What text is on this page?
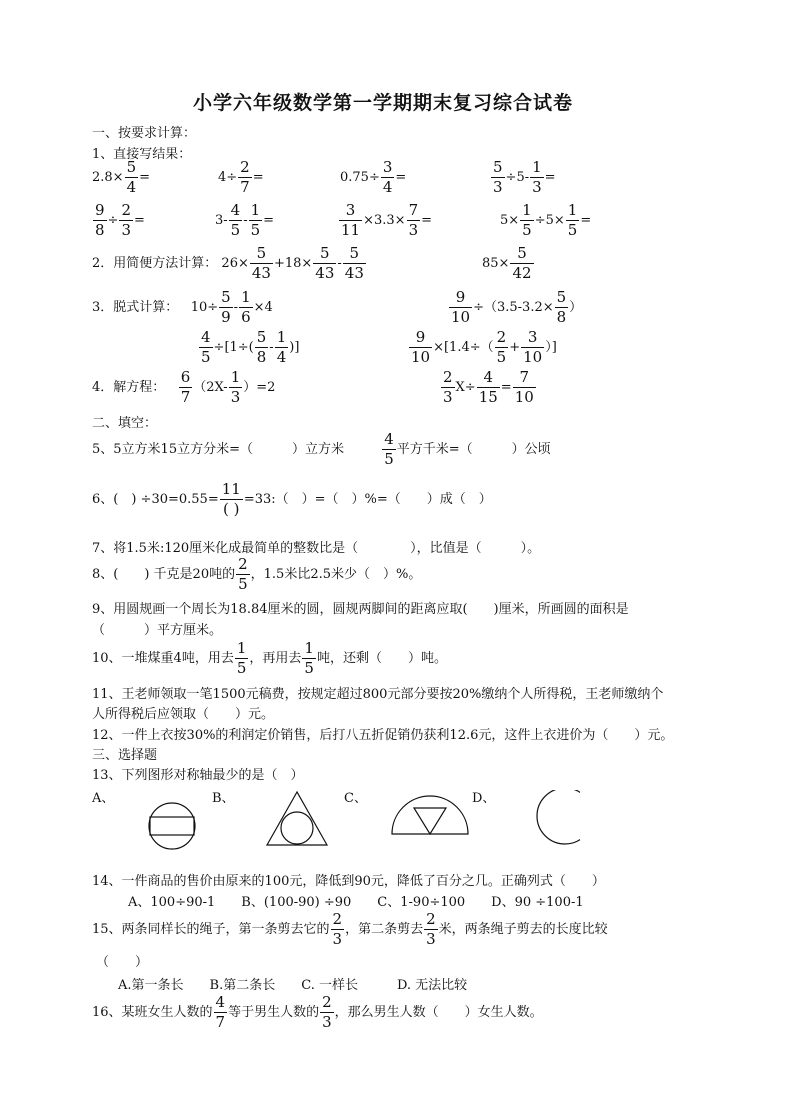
小学六年级数学第一学期期末复习综合试卷
一、按要求计算：
1、直接写结果：
$2.8\times \frac{5}{4}$ =	$4\div \frac{2}{7}$ =	$0.75\div \frac{3}{4}$ =	$\frac{5}{3} \div 5- \frac{1}{3}$ =
$\frac{9}{8} \div \frac{2}{3}$ =	$3- \frac{4}{5} - \frac{1}{5}$ =	$\frac{3}{11} \times 3.3\times \frac{7}{3}$ =	$5\times \frac{1}{5} \div 5\times \frac{1}{5}$ =
2．用简便方法计算： $26\times \frac{5}{43} +18\times \frac{5}{43} - \frac{5}{43}$	$85\times \frac{5}{42}$
3．脱式计算： $10\div \frac{5}{9} - \frac{1}{6} \times 4$	$\frac{9}{10} \div(3.5-3.2\times \frac{5}{8}$ ）
$\frac{4}{5} \div[1\div( \frac{5}{8} - \frac{1}{4}$ )]	$\frac{9}{10} \times[1.4\div( \frac{2}{5} + \frac{3}{10}$ ）]
4．解方程： $\frac{6}{7} (2X- \frac{1}{3} )=2$	$\frac{2}{3} X\div \frac{4}{15} = \frac{7}{10}$
二、填空：
5、5立方米15立方分米=（　　　）立方米	$\frac{4}{5}$ 平方千米=（　　　）公顷
6、(　) $\div 30=0.55= \frac{11}{( )}$ =33:（　）=（　）%=（　　）成（　）
7、将1.5米:120厘米化成最简单的整数比是（　　　　），比值是（　　　）。
8、(　　) 千克是20吨的 $\frac{2}{5}$ ，1.5米比2.5米少（　）%。
9、用圆规画一个周长为18.84厘米的圆，圆规两脚间的距离应取(　　)厘米，所画圆的面积是
（　　　）平方厘米。
10、一堆煤重4吨，用去 $\frac{1}{5}$ ，再用去 $\frac{1}{5}$ 吨，还剩（　　）吨。
11、王老师领取一笔1500元稿费，按规定超过800元部分要按20%缴纳个人所得税，王老师缴纳个
人所得税后应领取（　　）元。
12、一件上衣按30%的利润定价销售，后打八五折促销仍获利12.6元，这件上衣进价为（　　）元。
三、选择题
13、下列图形对称轴最少的是（　）
A、	B、	C、	D、
14、一件商品的售价由原来的100元，降低到90元，降低了百分之几。正确列式（　　）
A、100÷90-1　　B、(100-90) ÷90　　C、1-90÷100　　D、90 ÷100-1
15、两条同样长的绳子，第一条剪去它的 $\frac{2}{3}$ ，第二条剪去 $\frac{2}{3}$ 米，两条绳子剪去的长度比较
（　　）
A.第一条长　　B.第二条长　　C. 一样长　　　D. 无法比较
16、某班女生人数的 $\frac{4}{7}$ 等于男生人数的 $\frac{2}{3}$ ，那么男生人数（　　）女生人数。
